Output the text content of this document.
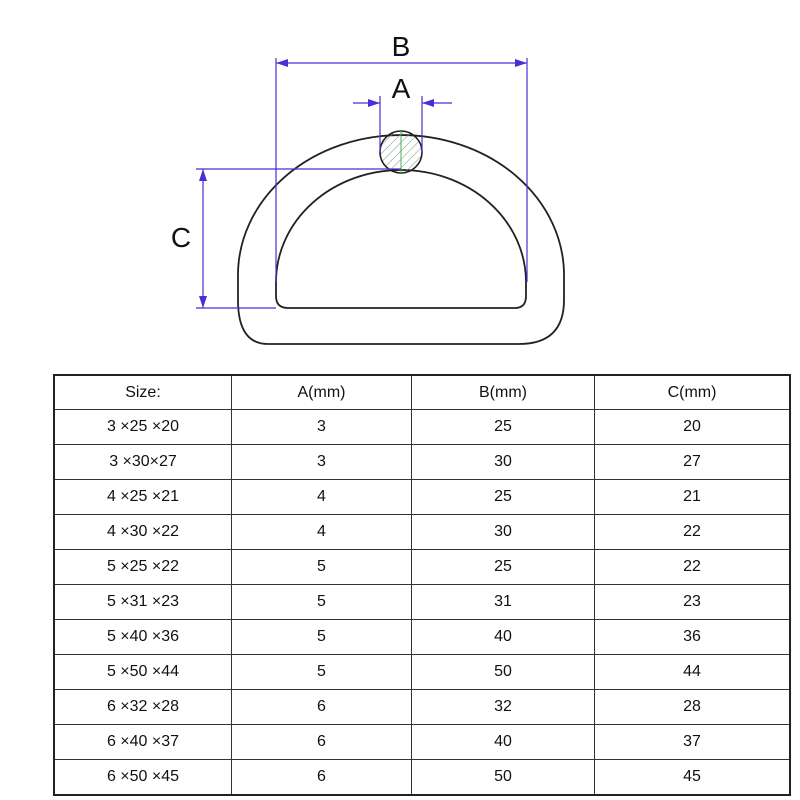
B
A
C
Size:	A(mm)	B(mm)	C(mm)
3 ×25 ×20	3	25	20
3 ×30×27	3	30	27
4 ×25 ×21	4	25	21
4 ×30 ×22	4	30	22
5 ×25 ×22	5	25	22
5 ×31 ×23	5	31	23
5 ×40 ×36	5	40	36
5 ×50 ×44	5	50	44
6 ×32 ×28	6	32	28
6 ×40 ×37	6	40	37
6 ×50 ×45	6	50	45
